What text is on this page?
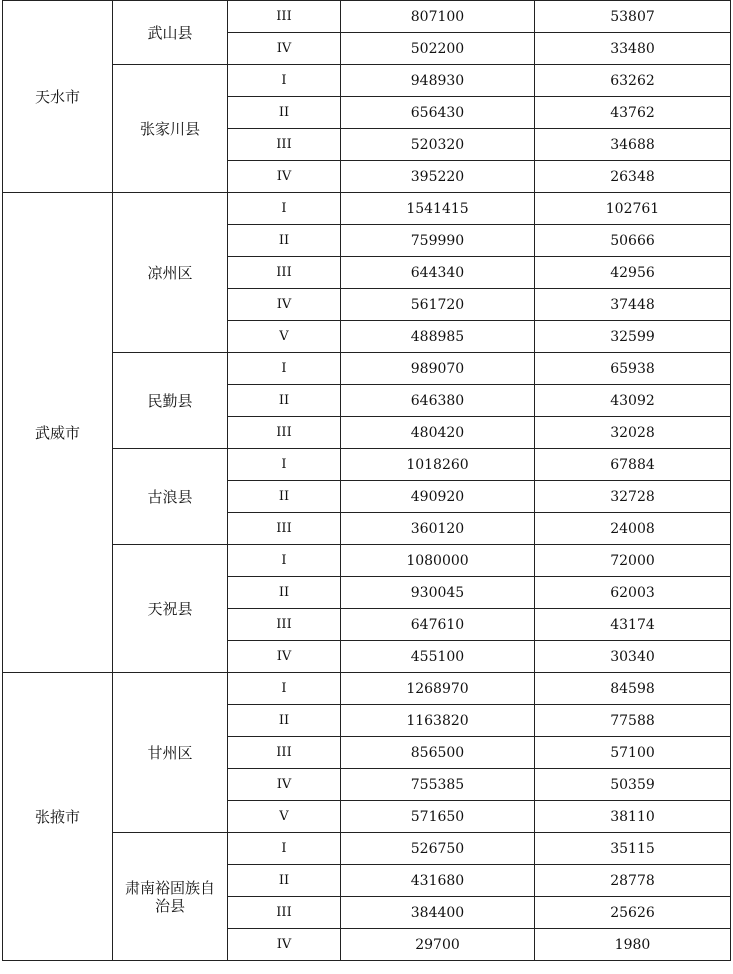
天水市	武山县	III	807100	53807
		IV	502200	33480
	张家川县	I	948930	63262
		II	656430	43762
		III	520320	34688
		IV	395220	26348
武威市	凉州区	I	1541415	102761
		II	759990	50666
		III	644340	42956
		IV	561720	37448
		V	488985	32599
	民勤县	I	989070	65938
		II	646380	43092
		III	480420	32028
	古浪县	I	1018260	67884
		II	490920	32728
		III	360120	24008
	天祝县	I	1080000	72000
		II	930045	62003
		III	647610	43174
		IV	455100	30340
张掖市	甘州区	I	1268970	84598
		II	1163820	77588
		III	856500	57100
		IV	755385	50359
		V	571650	38110
	肃南裕固族自治县	I	526750	35115
		II	431680	28778
		III	384400	25626
		IV	29700	1980
